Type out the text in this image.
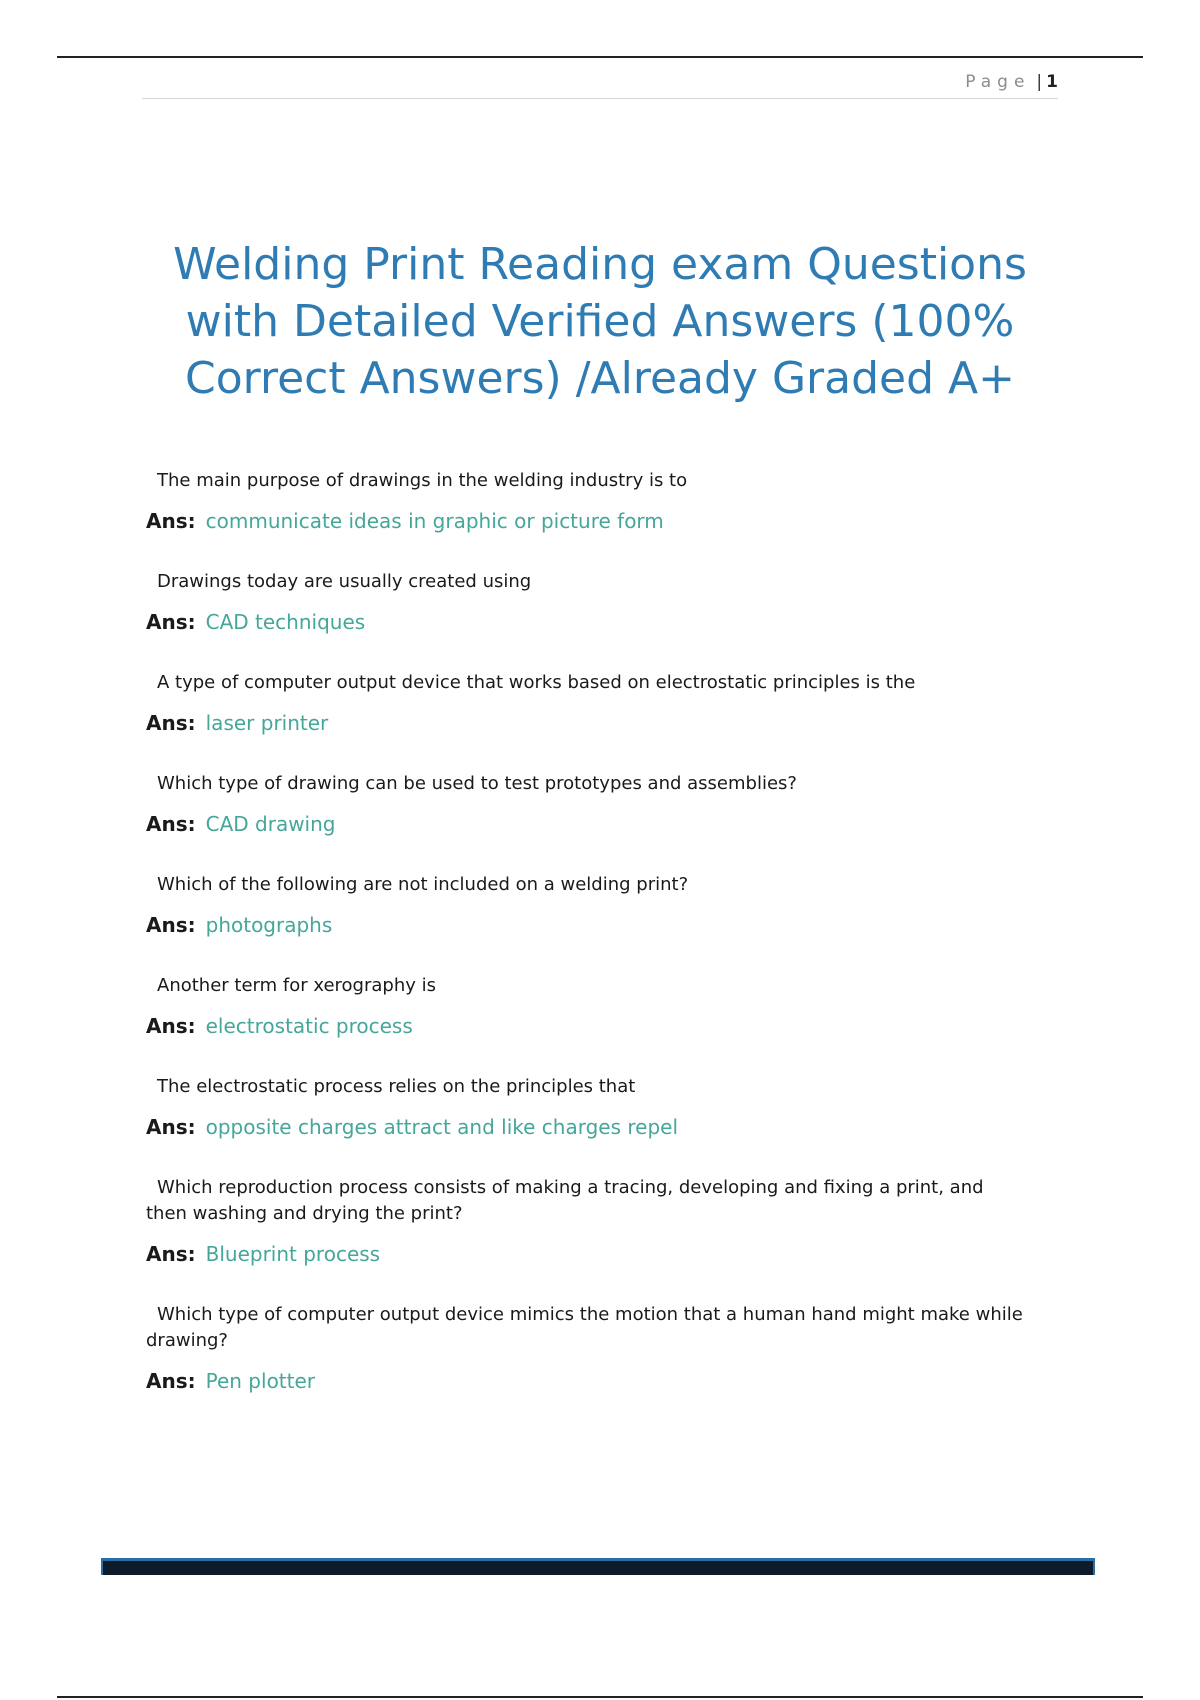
Page | 1
Welding Print Reading exam Questions with Detailed Verified Answers (100% Correct Answers) /Already Graded A+

The main purpose of drawings in the welding industry is to

Ans: communicate ideas in graphic or picture form

Drawings today are usually created using

Ans: CAD techniques

A type of computer output device that works based on electrostatic principles is the

Ans: laser printer

Which type of drawing can be used to test prototypes and assemblies?

Ans: CAD drawing

Which of the following are not included on a welding print?

Ans: photographs

Another term for xerography is

Ans: electrostatic process

The electrostatic process relies on the principles that

Ans: opposite charges attract and like charges repel

Which reproduction process consists of making a tracing, developing and fixing a print, and then washing and drying the print?

Ans: Blueprint process

Which type of computer output device mimics the motion that a human hand might make while drawing?

Ans: Pen plotter
